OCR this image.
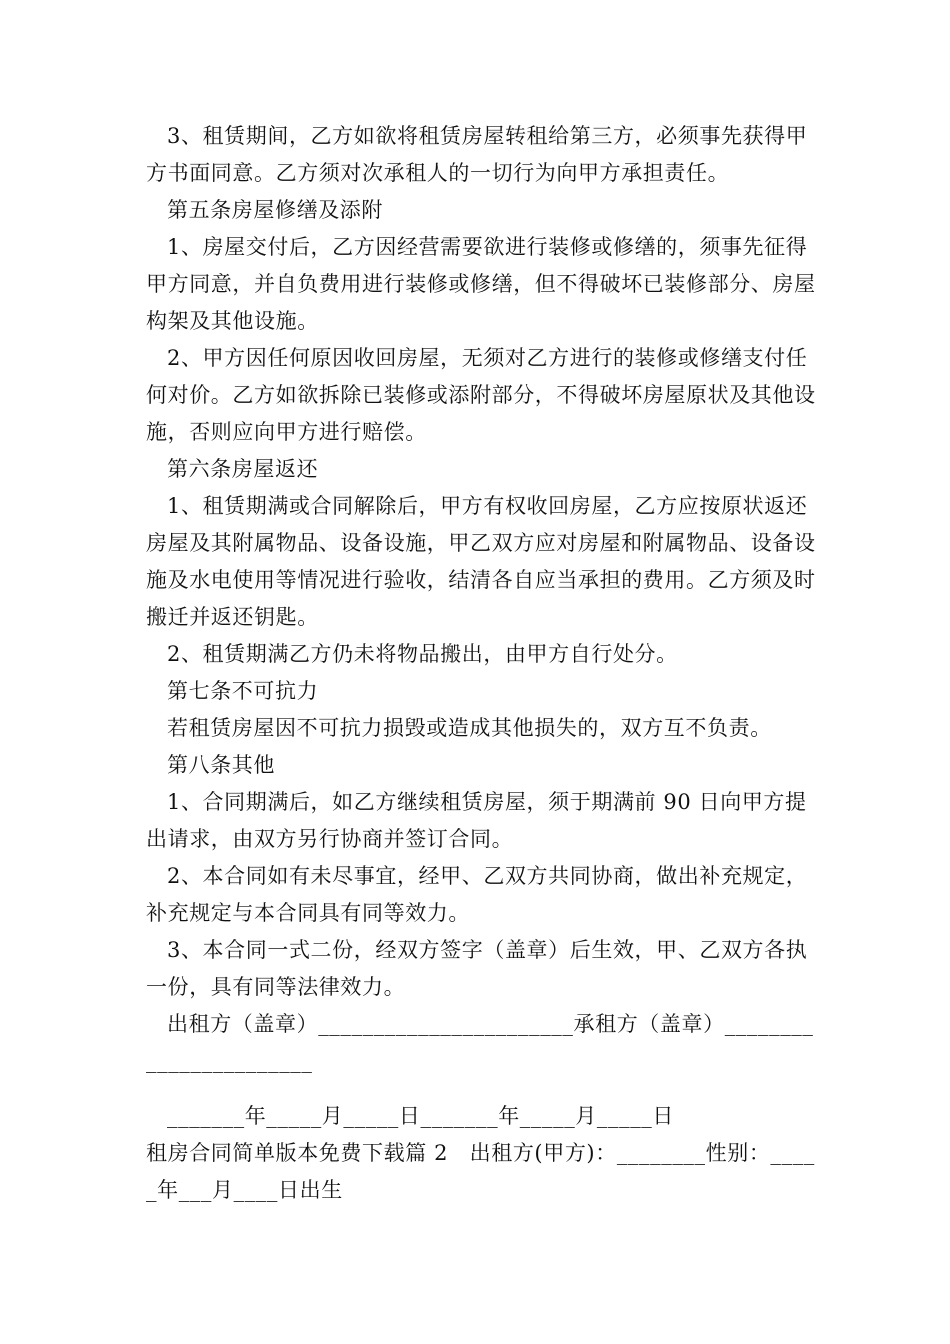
3、租赁期间，乙方如欲将租赁房屋转租给第三方，必须事先获得甲方书面同意。乙方须对次承租人的一切行为向甲方承担责任。

第五条房屋修缮及添附

1、房屋交付后，乙方因经营需要欲进行装修或修缮的，须事先征得甲方同意，并自负费用进行装修或修缮，但不得破坏已装修部分、房屋构架及其他设施。

2、甲方因任何原因收回房屋，无须对乙方进行的装修或修缮支付任何对价。乙方如欲拆除已装修或添附部分，不得破坏房屋原状及其他设施，否则应向甲方进行赔偿。

第六条房屋返还

1、租赁期满或合同解除后，甲方有权收回房屋，乙方应按原状返还房屋及其附属物品、设备设施，甲乙双方应对房屋和附属物品、设备设施及水电使用等情况进行验收，结清各自应当承担的费用。乙方须及时搬迁并返还钥匙。

2、租赁期满乙方仍未将物品搬出，由甲方自行处分。

第七条不可抗力

若租赁房屋因不可抗力损毁或造成其他损失的，双方互不负责。

第八条其他

1、合同期满后，如乙方继续租赁房屋，须于期满前 90 日向甲方提出请求，由双方另行协商并签订合同。

2、本合同如有未尽事宜，经甲、乙双方共同协商，做出补充规定，补充规定与本合同具有同等效力。

3、本合同一式二份，经双方签字（盖章）后生效，甲、乙双方各执一份，具有同等法律效力。

出租方（盖章）_______________________承租方（盖章）_______________________

_______年_____月_____日_______年_____月_____日

租房合同简单版本免费下载篇 2　出租方(甲方)：________性别：_____年___月____日出生
